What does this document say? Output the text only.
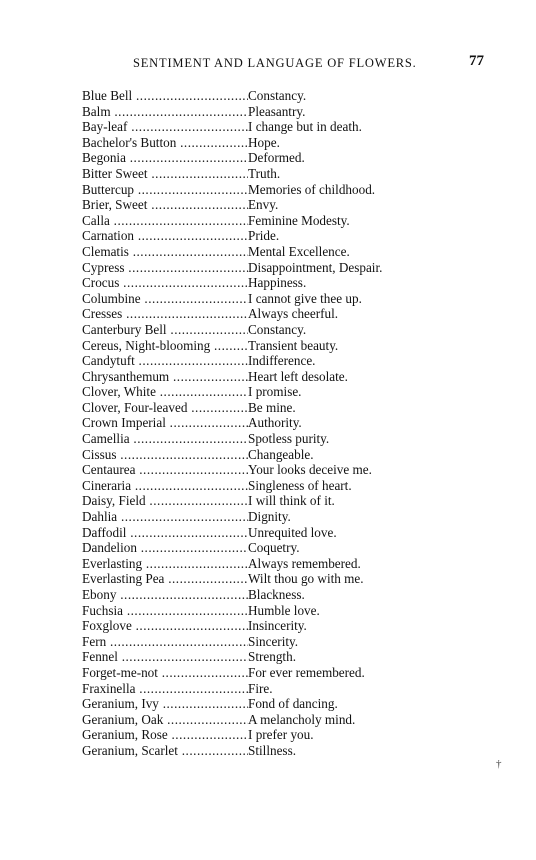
SENTIMENT AND LANGUAGE OF FLOWERS.	77
Blue Bell .....	Constancy.
Balm .....	Pleasantry.
Bay-leaf .....	I change but in death.
Bachelor's Button .....	Hope.
Begonia .....	Deformed.
Bitter Sweet .....	Truth.
Buttercup .....	Memories of childhood.
Brier, Sweet .....	Envy.
Calla .....	Feminine Modesty.
Carnation .....	Pride.
Clematis .....	Mental Excellence.
Cypress .....	Disappointment, Despair.
Crocus .....	Happiness.
Columbine .....	I cannot give thee up.
Cresses .....	Always cheerful.
Canterbury Bell .....	Constancy.
Cereus, Night-blooming .....	Transient beauty.
Candytuft .....	Indifference.
Chrysanthemum .....	Heart left desolate.
Clover, White .....	I promise.
Clover, Four-leaved .....	Be mine.
Crown Imperial .....	Authority.
Camellia .....	Spotless purity.
Cissus .....	Changeable.
Centaurea .....	Your looks deceive me.
Cineraria .....	Singleness of heart.
Daisy, Field .....	I will think of it.
Dahlia .....	Dignity.
Daffodil .....	Unrequited love.
Dandelion .....	Coquetry.
Everlasting .....	Always remembered.
Everlasting Pea .....	Wilt thou go with me.
Ebony .....	Blackness.
Fuchsia .....	Humble love.
Foxglove .....	Insincerity.
Fern .....	Sincerity.
Fennel .....	Strength.
Forget-me-not .....	For ever remembered.
Fraxinella .....	Fire.
Geranium, Ivy .....	Fond of dancing.
Geranium, Oak .....	A melancholy mind.
Geranium, Rose .....	I prefer you.
Geranium, Scarlet .....	Stillness.
†
